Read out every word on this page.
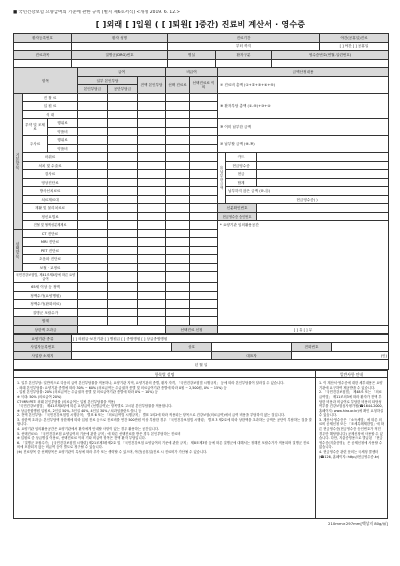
■ 국민건강보험 요양급여의 기준에 관한 규칙 [별지 제6호서식] <개정 2019. 6. 12.>
[ ]외래 [ ]입원 ( [ ]퇴원[ ]중간) 진료비 계산서 · 영수증
환자등록번호	환자 성명	진료기간			야간(공휴일)진료
		부터 까지			[ ] 야간 [ ] 공휴일
진료과목	질병군(DRG)번호	병실	환자구분	영수증번호(연월-일련번호)	

항목			급여			비급여		금액산정내용		
			일부 본인부담		전액 본인부담	선택 진료료	선택진료료 이외	⑦ 진료비 총액 (①+②+③+④+⑤)		
			본인부담금	공단부담금						
기본항목	진 찰 료							⑧ 환자부담 총액 (①-⑤)+③+④		
	입 원 료									
	식 대									
	투약 및 조제료	행위료						⑨ 이미 납부한 금액		
		약품비								
	주사료	행위료						⑩ 납부할 금액 (⑧-⑨)		
		약품비								
	마취료							⑪ 납부한 금액	카드	
	처치 및 수술료								현금영수증	
	검사료								현금	
	영상진단료								합계	
	방사선치료료								납부하지 않은 금액 (⑩-⑪)	
	치료재료대								현금영수증( )	
	재활 및 물리치료료							신분확인번호		
	정신요법료							현금영수증 승인번호		
	전혈 및 혈액성분제제료							* 요양기관 임의활용공간		
선택항목	CT 진단료									
	MRI 진단료									
	PET 진단료									
	초음파 진단료									
	보철 · 교정료									
국민건강보험법, 제41조제4항에 따른 요양급여										
65세 이상 등 정액										
정액수가(요양병원)										
정액수가(완화의료)										
질병군 포괄수가										
합계										
상한액 초과금						선택진료 신청		[ ] 유 [ ] 무		
요양기관 종류	[ ] 의원급·보건기관 [ ] 병원급 [ ] 종합병원 [ ] 상급종합병원				
사업자등록번호		상호		전화번호	
사업장 소재지			대표자	(인)	
년 월 일					
항목별 설명	일반사항 안내
1. 일부 본인부담: 일반적으로 다음의 급여 본인부담률을 적용하나, 요양기관 지역, 요양기관의 종별, 환자 자격, 「국민건강보험법 시행규칙」 등에 따라 본인부담률이 달라질 수 있습니다.
- 외래 본인부담률: 요양기관 종별에 따라 30% ~ 60% (의료급여는 수급권자 종별 및 의료급여기관 종별에 따라 0원 ~ 2,500원, 0% ~ 15%) 등
- 입원 본인부담률: 20% (의료급여는 수급권자 종별 및 의료급여기관 종별에 따라 0% ~ 10%) 등
※ 식대: 50% (의료급여 20%)
CT·MRI·PET: 외래 본인부담률 (의료급여는 입원 본인부담률을 적용)
「국민건강보험법」 제41조제4항에 따른 요양급여 (선별급여)는 항목별로 고시된 본인부담률을 적용합니다.
※ 상급종합병원 입원료, 2인실 50%, 3인실 40%, 4인실 30% / 치과임플란트·틀니 등
2. 전액 본인부담: 「국민건강보험법 시행규칙」 별표 6 또는 「의료급여법 시행규칙」 별표 1의2에 따라 적용되는 항목으로 건강보험(의료급여)에서 급여 비용을 부담하지 않는 것입니다.
3. 상한액 초과금: 본인부담액 상한제에 따라 입원 진료 등으로 진료비를 연간 500만원 이상 부담한 경우 「국민건강보험법 시행령」 별표 3 제2호에 따라 상한액을 초과하는 금액은 공단이 부담하는 것을 말합니다.
4. 요양기관 임의활용공간은 요양기관에서 환자에게 안내할 사항이 있는 경우 활용하는 공간입니다.
5. 선택진료료: 「국민건강보험 요양급여의 기준에 관한 규칙」에 따른 선택진료를 받은 경우 본인부담하는 진료비
※ 입원료 중 상급병실 이용료, 선택진료료 이외 기타 비급여 항목은 전액 환자 부담입니다.
6. 「질병군 포괄수가」 [국민건강보험법 시행령] 제21조제3항제2호 및 「국민건강보험 요양급여의 기준에 관한 규칙」 제8조제3항 등에 따른 질병군에 대해서는 정해진 포괄수가가 적용되며 질병군 진료비에 포함되지 않는 비급여 등이 별도로 청구될 수 있습니다.
(※) 진료항목 중 선택항목은 요양기관이 특성에 따라 추가 또는 생략할 수 있으며, 야간(공휴일)진료 시 진료비가 가산될 수 있습니다.
1. 이 계산서·영수증에 대한 세부내용은 요양기관에 요구하여 제공받을 수 있습니다.
2. 「국민건강보험법」 제48조 또는 「의료급여법」 제11조의3에 따라 환자가 전액 부담한 비용과 비급여로 부담한 비용의 타당성 여부를 건강보험심사평가원(☎1644-2000, 홈페이지: www.hira.or.kr)에 확인 요청하실 수 있습니다.
3. 계산서·영수증은 「소득세법」에 따른 의료비 공제신청 또는 「조세특례제한법」에 따른 현금영수증(현금영수증 승인번호가 적힌 경우만 해당합니다) 공제신청에 사용할 수 있습니다. 다만, 지출증빙용으로 발급된 「현금영수증(지출증빙)」은 공제신청에 사용할 수 없습니다.
4. 현금영수증 관련 문의는 국세청 콜센터(☎126, 홈페이지: http://현금영수증.kr)
210mm×297mm[백상지 80g/㎡]
